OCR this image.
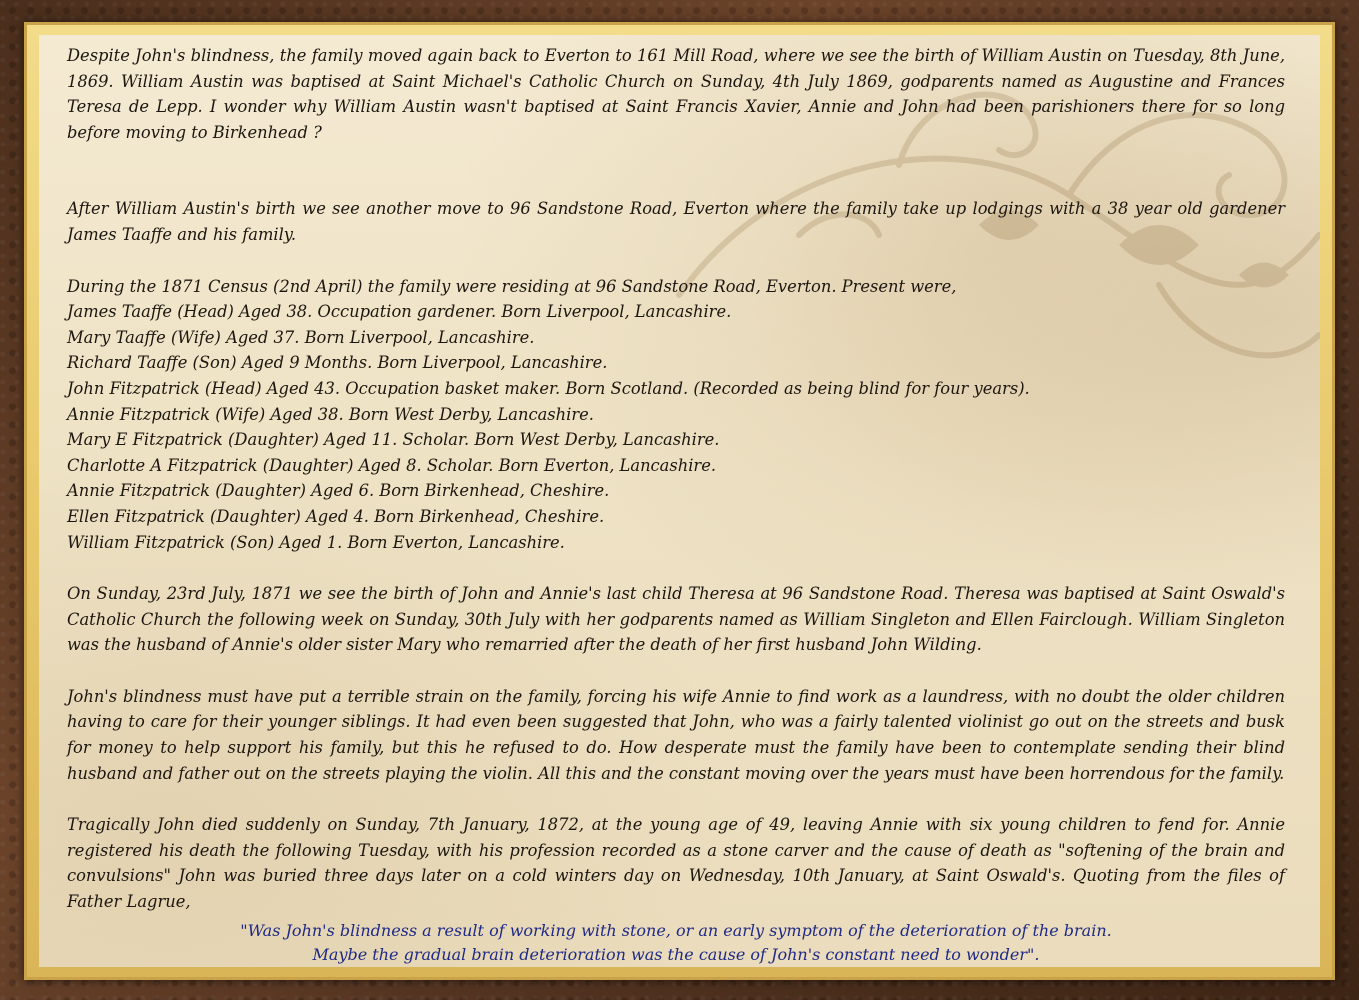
Despite John's blindness, the family moved again back to Everton to 161 Mill Road, where we see the birth of William Austin on Tuesday, 8th June, 1869. William Austin was baptised at Saint Michael's Catholic Church on Sunday, 4th July 1869, godparents named as Augustine and Frances Teresa de Lepp. I wonder why William Austin wasn't baptised at Saint Francis Xavier, Annie and John had been parishioners there for so long before moving to Birkenhead ?

After William Austin's birth we see another move to 96 Sandstone Road, Everton where the family take up lodgings with a 38 year old gardener James Taaffe and his family.

During the 1871 Census (2nd April) the family were residing at 96 Sandstone Road, Everton. Present were,

James Taaffe (Head) Aged 38. Occupation gardener. Born Liverpool, Lancashire.
Mary Taaffe (Wife) Aged 37. Born Liverpool, Lancashire.
Richard Taaffe (Son) Aged 9 Months. Born Liverpool, Lancashire.
John Fitzpatrick (Head) Aged 43. Occupation basket maker. Born Scotland. (Recorded as being blind for four years).
Annie Fitzpatrick (Wife) Aged 38. Born West Derby, Lancashire.
Mary E Fitzpatrick (Daughter) Aged 11. Scholar. Born West Derby, Lancashire.
Charlotte A Fitzpatrick (Daughter) Aged 8. Scholar. Born Everton, Lancashire.
Annie Fitzpatrick (Daughter) Aged 6. Born Birkenhead, Cheshire.
Ellen Fitzpatrick (Daughter) Aged 4. Born Birkenhead, Cheshire.
William Fitzpatrick (Son) Aged 1. Born Everton, Lancashire.

On Sunday, 23rd July, 1871 we see the birth of John and Annie's last child Theresa at 96 Sandstone Road. Theresa was baptised at Saint Oswald's Catholic Church the following week on Sunday, 30th July with her godparents named as William Singleton and Ellen Fairclough. William Singleton was the husband of Annie's older sister Mary who remarried after the death of her first husband John Wilding.

John's blindness must have put a terrible strain on the family, forcing his wife Annie to find work as a laundress, with no doubt the older children having to care for their younger siblings. It had even been suggested that John, who was a fairly talented violinist go out on the streets and busk for money to help support his family, but this he refused to do. How desperate must the family have been to contemplate sending their blind husband and father out on the streets playing the violin. All this and the constant moving over the years must have been horrendous for the family.

Tragically John died suddenly on Sunday, 7th January, 1872, at the young age of 49, leaving Annie with six young children to fend for. Annie registered his death the following Tuesday, with his profession recorded as a stone carver and the cause of death as "softening of the brain and convulsions" John was buried three days later on a cold winters day on Wednesday, 10th January, at Saint Oswald's. Quoting from the files of Father Lagrue,

"Was John's blindness a result of working with stone, or an early symptom of the deterioration of the brain.
Maybe the gradual brain deterioration was the cause of John's constant need to wonder".
